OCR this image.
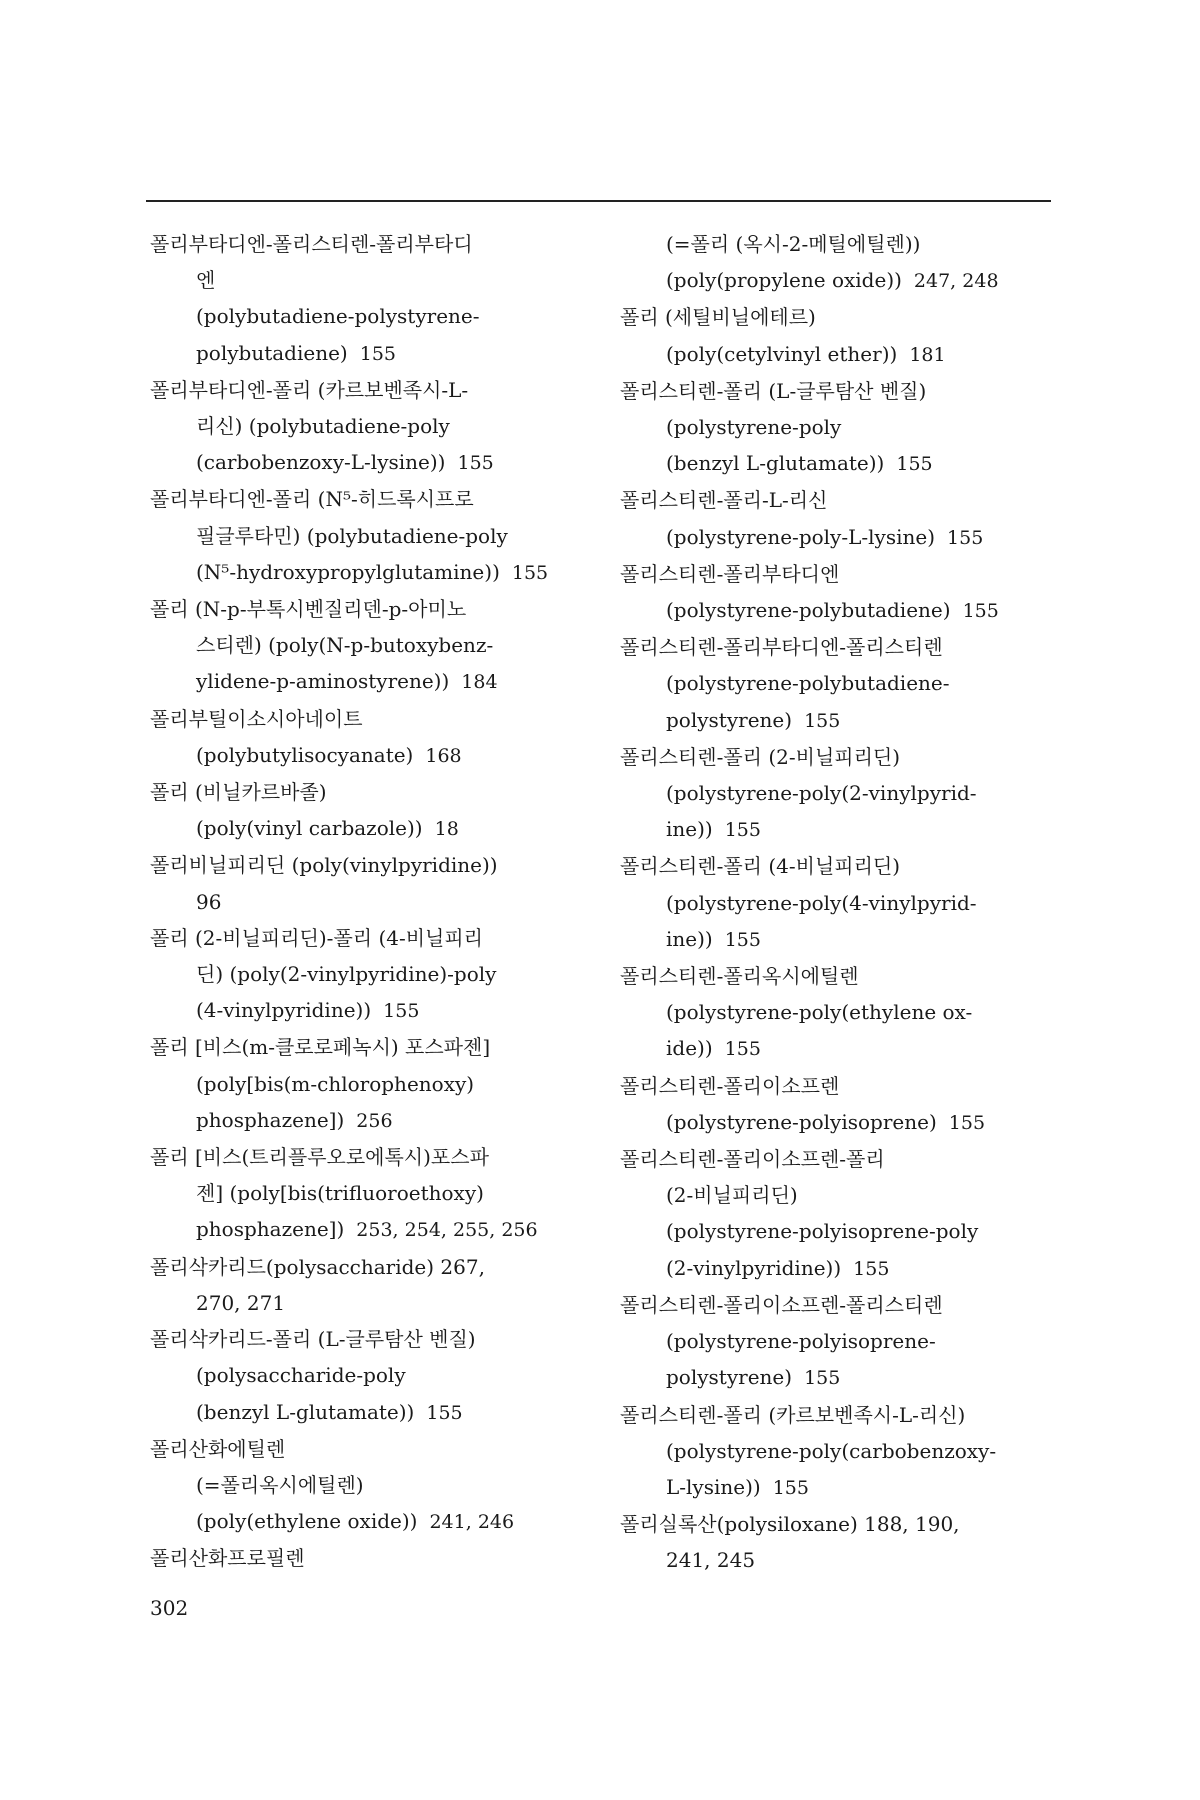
폴리부타디엔-폴리스티렌-폴리부타디
엔
(polybutadiene-polystyrene-
polybutadiene) 155
폴리부타디엔-폴리 (카르보벤족시-L-
리신) (polybutadiene-poly
(carbobenzoxy-L-lysine)) 155
폴리부타디엔-폴리 (N⁵-히드록시프로
필글루타민) (polybutadiene-poly
(N⁵-hydroxypropylglutamine)) 155
폴리 (N-p-부톡시벤질리덴-p-아미노
스티렌) (poly(N-p-butoxybenz-
ylidene-p-aminostyrene)) 184
폴리부틸이소시아네이트
(polybutylisocyanate) 168
폴리 (비닐카르바졸)
(poly(vinyl carbazole)) 18
폴리비닐피리딘 (poly(vinylpyridine))
96
폴리 (2-비닐피리딘)-폴리 (4-비닐피리
딘) (poly(2-vinylpyridine)-poly
(4-vinylpyridine)) 155
폴리 [비스(m-클로로페녹시) 포스파젠]
(poly[bis(m-chlorophenoxy)
phosphazene]) 256
폴리 [비스(트리플루오로에톡시)포스파
젠] (poly[bis(trifluoroethoxy)
phosphazene]) 253, 254, 255, 256
폴리삭카리드(polysaccharide) 267,
270, 271
폴리삭카리드-폴리 (L-글루탐산 벤질)
(polysaccharide-poly
(benzyl L-glutamate)) 155
폴리산화에틸렌
(=폴리옥시에틸렌)
(poly(ethylene oxide)) 241, 246
폴리산화프로필렌
(=폴리 (옥시-2-메틸에틸렌))
(poly(propylene oxide)) 247, 248
폴리 (세틸비닐에테르)
(poly(cetylvinyl ether)) 181
폴리스티렌-폴리 (L-글루탐산 벤질)
(polystyrene-poly
(benzyl L-glutamate)) 155
폴리스티렌-폴리-L-리신
(polystyrene-poly-L-lysine) 155
폴리스티렌-폴리부타디엔
(polystyrene-polybutadiene) 155
폴리스티렌-폴리부타디엔-폴리스티렌
(polystyrene-polybutadiene-
polystyrene) 155
폴리스티렌-폴리 (2-비닐피리딘)
(polystyrene-poly(2-vinylpyrid-
ine)) 155
폴리스티렌-폴리 (4-비닐피리딘)
(polystyrene-poly(4-vinylpyrid-
ine)) 155
폴리스티렌-폴리옥시에틸렌
(polystyrene-poly(ethylene ox-
ide)) 155
폴리스티렌-폴리이소프렌
(polystyrene-polyisoprene) 155
폴리스티렌-폴리이소프렌-폴리
(2-비닐피리딘)
(polystyrene-polyisoprene-poly
(2-vinylpyridine)) 155
폴리스티렌-폴리이소프렌-폴리스티렌
(polystyrene-polyisoprene-
polystyrene) 155
폴리스티렌-폴리 (카르보벤족시-L-리신)
(polystyrene-poly(carbobenzoxy-
L-lysine)) 155
폴리실록산(polysiloxane) 188, 190,
241, 245
302
